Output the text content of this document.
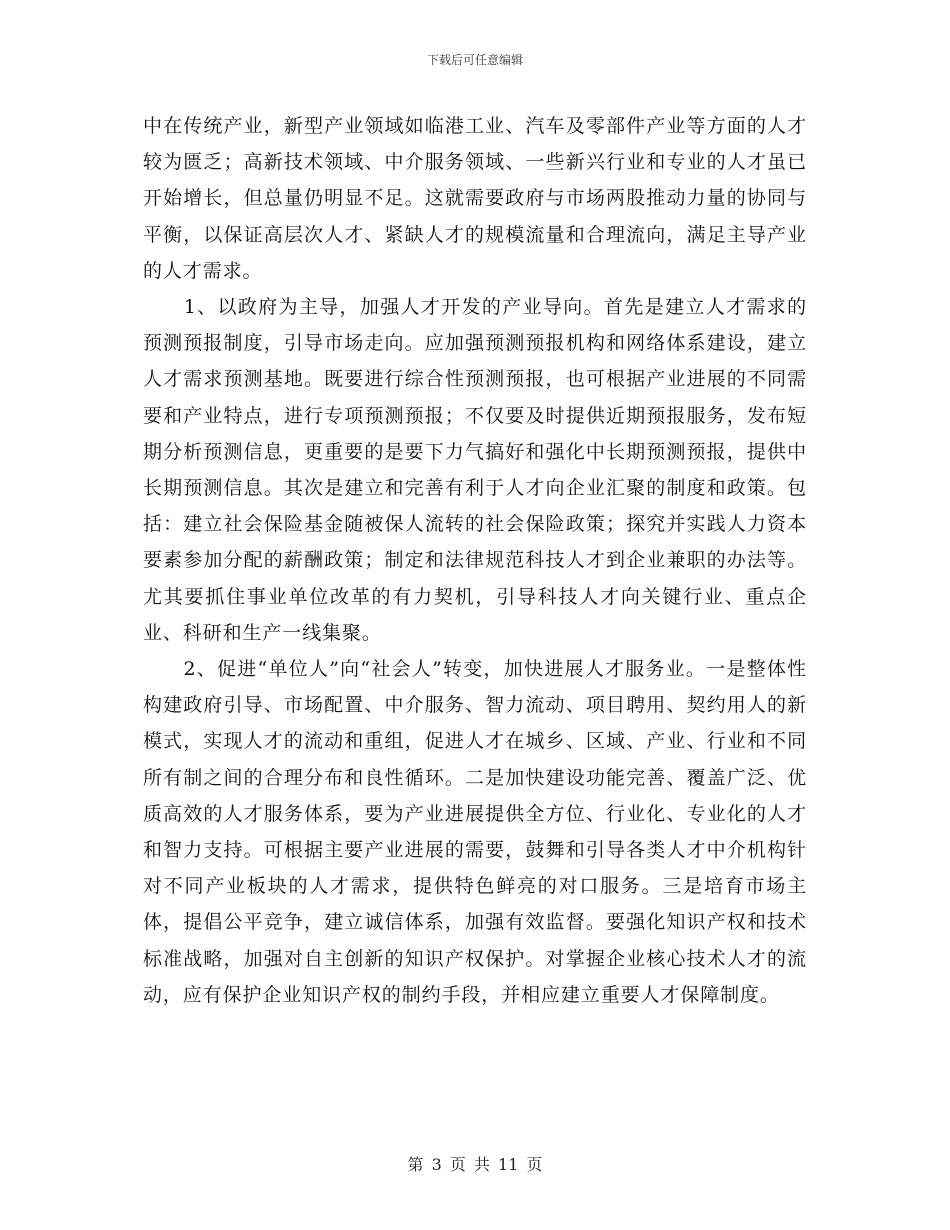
下载后可任意编辑

中在传统产业，新型产业领域如临港工业、汽车及零部件产业等方面的人才较为匮乏；高新技术领域、中介服务领域、一些新兴行业和专业的人才虽已开始增长，但总量仍明显不足。这就需要政府与市场两股推动力量的协同与平衡，以保证高层次人才、紧缺人才的规模流量和合理流向，满足主导产业的人才需求。

　　1、以政府为主导，加强人才开发的产业导向。首先是建立人才需求的预测预报制度，引导市场走向。应加强预测预报机构和网络体系建设，建立人才需求预测基地。既要进行综合性预测预报，也可根据产业进展的不同需要和产业特点，进行专项预测预报；不仅要及时提供近期预报服务，发布短期分析预测信息，更重要的是要下力气搞好和强化中长期预测预报，提供中长期预测信息。其次是建立和完善有利于人才向企业汇聚的制度和政策。包括：建立社会保险基金随被保人流转的社会保险政策；探究并实践人力资本要素参加分配的薪酬政策；制定和法律规范科技人才到企业兼职的办法等。尤其要抓住事业单位改革的有力契机，引导科技人才向关键行业、重点企业、科研和生产一线集聚。

　　2、促进“单位人”向“社会人”转变，加快进展人才服务业。一是整体性构建政府引导、市场配置、中介服务、智力流动、项目聘用、契约用人的新模式，实现人才的流动和重组，促进人才在城乡、区域、产业、行业和不同所有制之间的合理分布和良性循环。二是加快建设功能完善、覆盖广泛、优质高效的人才服务体系，要为产业进展提供全方位、行业化、专业化的人才和智力支持。可根据主要产业进展的需要，鼓舞和引导各类人才中介机构针对不同产业板块的人才需求，提供特色鲜亮的对口服务。三是培育市场主体，提倡公平竞争，建立诚信体系，加强有效监督。要强化知识产权和技术标准战略，加强对自主创新的知识产权保护。对掌握企业核心技术人才的流动，应有保护企业知识产权的制约手段，并相应建立重要人才保障制度。

第 3 页 共 11 页
